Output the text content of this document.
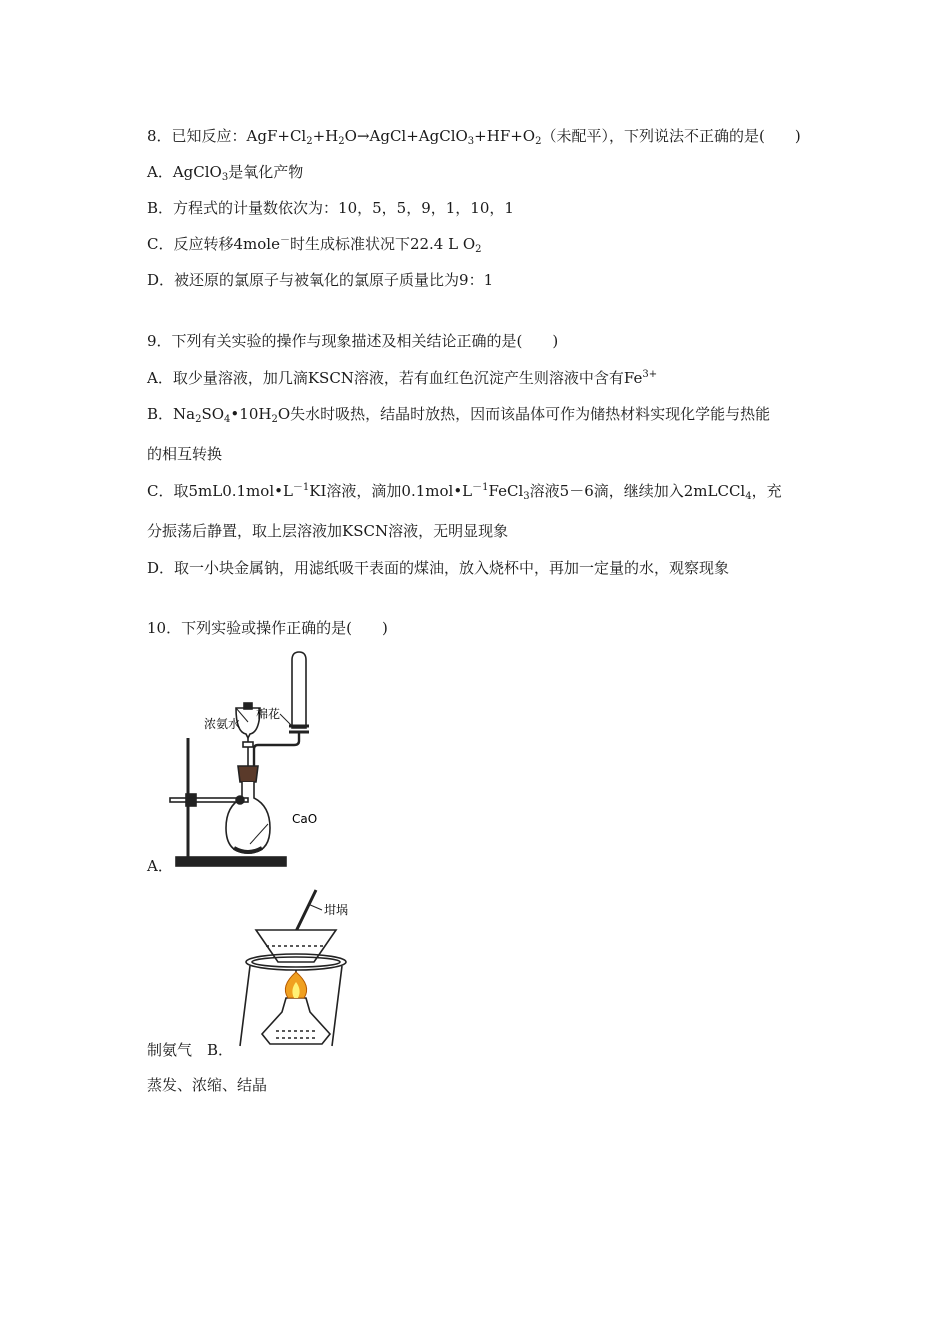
8．已知反应：$AgF+Cl_2+H_2O\to AgCl+AgClO_3+HF+O_2$（未配平），下列说法不正确的是(　　)
A．AgClO$_3$是氧化产物
B．方程式的计量数依次为：10，5，5，9，1，10，1
C．反应转移4mole－时生成标准状况下22.4 L $O_2$
D．被还原的氯原子与被氧化的氯原子质量比为9：1
9．下列有关实验的操作与现象描述及相关结论正确的是(　　)
A．取少量溶液，加几滴KSCN溶液，若有血红色沉淀产生则溶液中含有$Fe^{3+}$
B．$Na_2SO_4•10H_2O$失水时吸热，结晶时放热，因而该晶体可作为储热材料实现化学能与热能
的相互转换
C．取$5mL0.1mol•L^{-1}KI$溶液，滴加$0.1mol•L^{-1}FeCl_3$溶液5－6滴，继续加入2mLCCl$_4$，充
分振荡后静置，取上层溶液加KSCN溶液，无明显现象
D．取一小块金属钠，用滤纸吸干表面的煤油，放入烧杯中，再加一定量的水，观察现象
10．下列实验或操作正确的是(　　)
浓氨水
棉花
CaO
A．
坩埚
制氨气　B．
蒸发、浓缩、结晶
